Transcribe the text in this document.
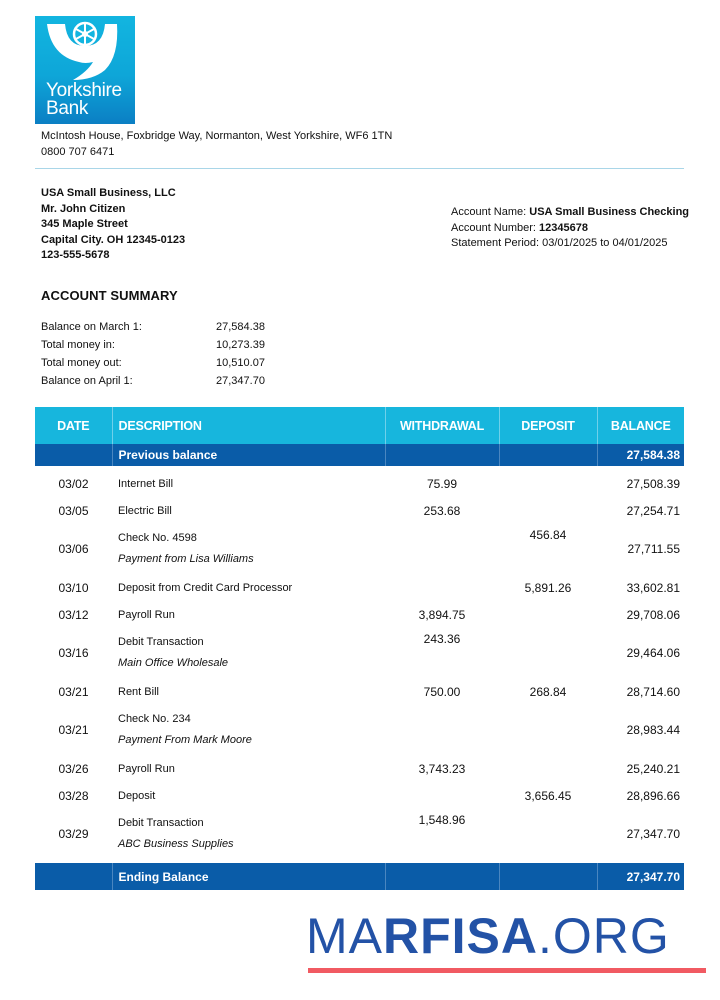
Yorkshire
Bank
McIntosh House, Foxbridge Way, Normanton, West Yorkshire, WF6 1TN
0800 707 6471
USA Small Business, LLC
Mr. John Citizen
345 Maple Street
Capital City. OH 12345-0123
123-555-5678
Account Name: USA Small Business Checking
Account Number: 12345678
Statement Period: 03/01/2025 to 04/01/2025
ACCOUNT SUMMARY
Balance on March 1:	27,584.38
Total money in:	10,273.39
Total money out:	10,510.07
Balance on April 1:	27,347.70
DATE	DESCRIPTION	WITHDRAWAL	DEPOSIT	BALANCE
	Previous balance			27,584.38

03/02	Internet Bill	75.99		27,508.39
03/05	Electric Bill	253.68		27,254.71
03/06	Check No. 4598
Payment from Lisa Williams		456.84	27,711.55
03/10	Deposit from Credit Card Processor		5,891.26	33,602.81
03/12	Payroll Run	3,894.75		29,708.06
03/16	Debit Transaction
Main Office Wholesale	243.36		29,464.06
03/21	Rent Bill	750.00	268.84	28,714.60
03/21	Check No. 234
Payment From Mark Moore			28,983.44
03/26	Payroll Run	3,743.23		25,240.21
03/28	Deposit		3,656.45	28,896.66
03/29	Debit Transaction
ABC Business Supplies	1,548.96		27,347.70

	Ending Balance			27,347.70
MARFISA.ORG
